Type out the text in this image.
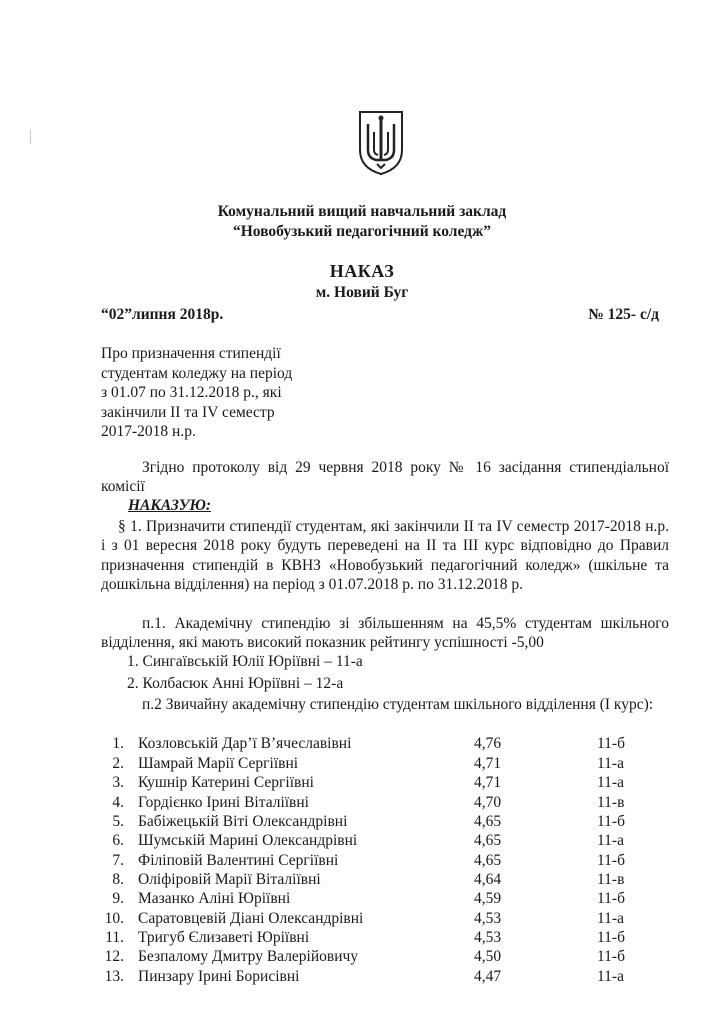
Комунальний вищий навчальний заклад
“Новобузький педагогічний коледж”
НАКАЗ
м. Новий Буг
“02”липня 2018р.	№ 125- с/д
Про призначення стипендії
студентам коледжу на період
з 01.07 по 31.12.2018 р., які
закінчили ІІ та IV семестр
2017-2018 н.р.
Згідно протоколу від 29 червня 2018 року № 16 засідання стипендіальної комісії
НАКАЗУЮ:
§ 1. Призначити стипендії студентам, які закінчили ІІ та IV семестр 2017-2018 н.р. і з 01 вересня 2018 року будуть переведені на ІІ та ІІІ курс відповідно до Правил призначення стипендій в КВНЗ «Новобузький педагогічний коледж» (шкільне та дошкільна відділення) на період з 01.07.2018 р. по 31.12.2018 р.
п.1. Академічну стипендію зі збільшенням на 45,5% студентам шкільного відділення, які мають високий показник рейтингу успішності -5,00
1. Сингаївській Юлії Юріївні – 11-а
2. Колбасюк Анні Юріївні – 12-а
п.2 Звичайну академічну стипендію студентам шкільного відділення (І курс):
1. Козловській Дар’ї В’ячеславівні	4,76	11-б
2. Шамрай Марії Сергіївні	4,71	11-а
3. Кушнір Катерині Сергіївні	4,71	11-а
4. Гордієнко Ірині Віталіївні	4,70	11-в
5. Бабіжецькій Віті Олександрівні	4,65	11-б
6. Шумській Марині Олександрівні	4,65	11-а
7. Філіповій Валентині Сергіївні	4,65	11-б
8. Оліфіровій Марії Віталіївні	4,64	11-в
9. Мазанко Аліні Юріївні	4,59	11-б
10. Саратовцевій Діані Олександрівні	4,53	11-а
11. Тригуб Єлизаветі Юріївні	4,53	11-б
12. Безпалому Дмитру Валерійовичу	4,50	11-б
13. Пинзару Ірині Борисівні	4,47	11-а
